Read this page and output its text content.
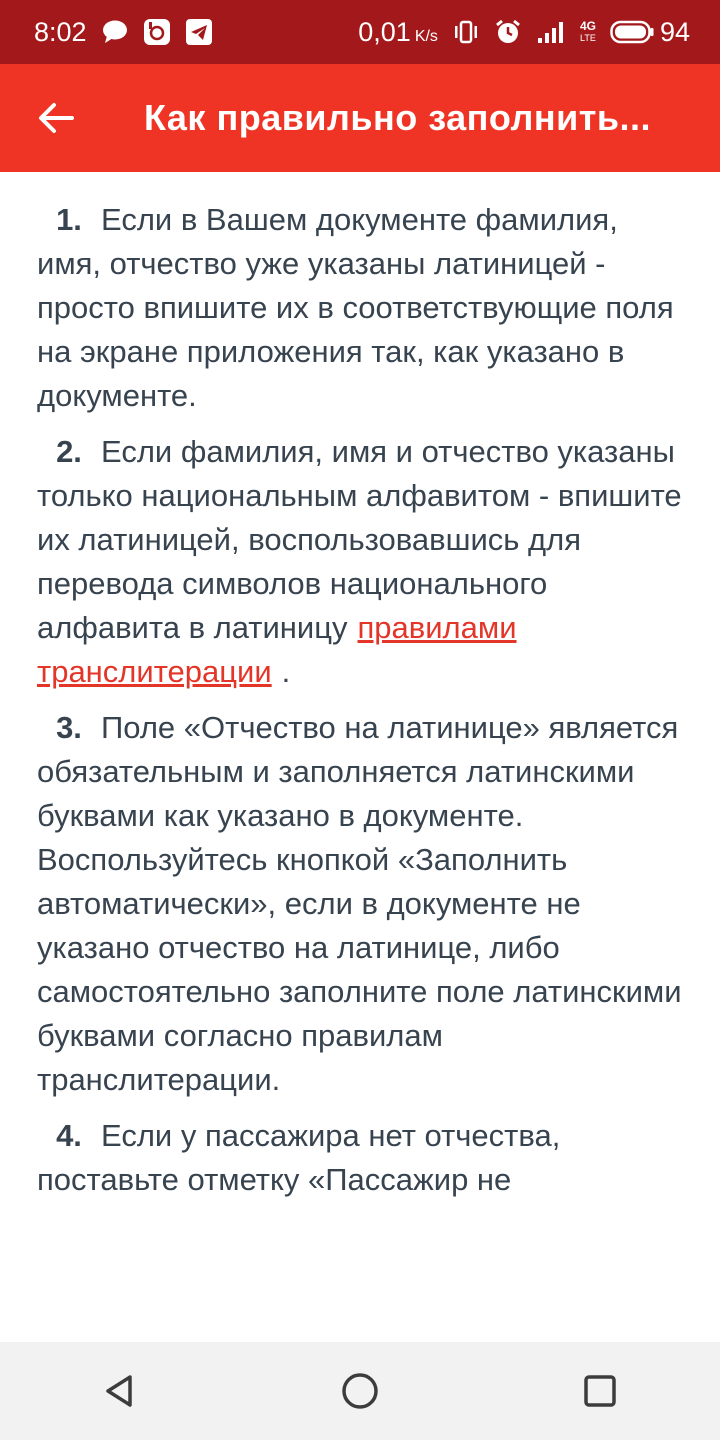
8:02	0,01 K/s
4G
LTE 94
Как правильно заполнить...
1. Если в Вашем документе фамилия, имя, отчество уже указаны латиницей - просто впишите их в соответствующие поля на экране приложения так, как указано в документе.
2. Если фамилия, имя и отчество указаны только национальным алфавитом - впишите их латиницей, воспользовавшись для перевода символов национального алфавита в латиницу правилами транслитерации .
3. Поле «Отчество на латинице» является обязательным и заполняется латинскими буквами как указано в документе. Воспользуйтесь кнопкой «Заполнить автоматически», если в документе не указано отчество на латинице, либо самостоятельно заполните поле латинскими буквами согласно правилам транслитерации.
4. Если у пассажира нет отчества, поставьте отметку «Пассажир не
